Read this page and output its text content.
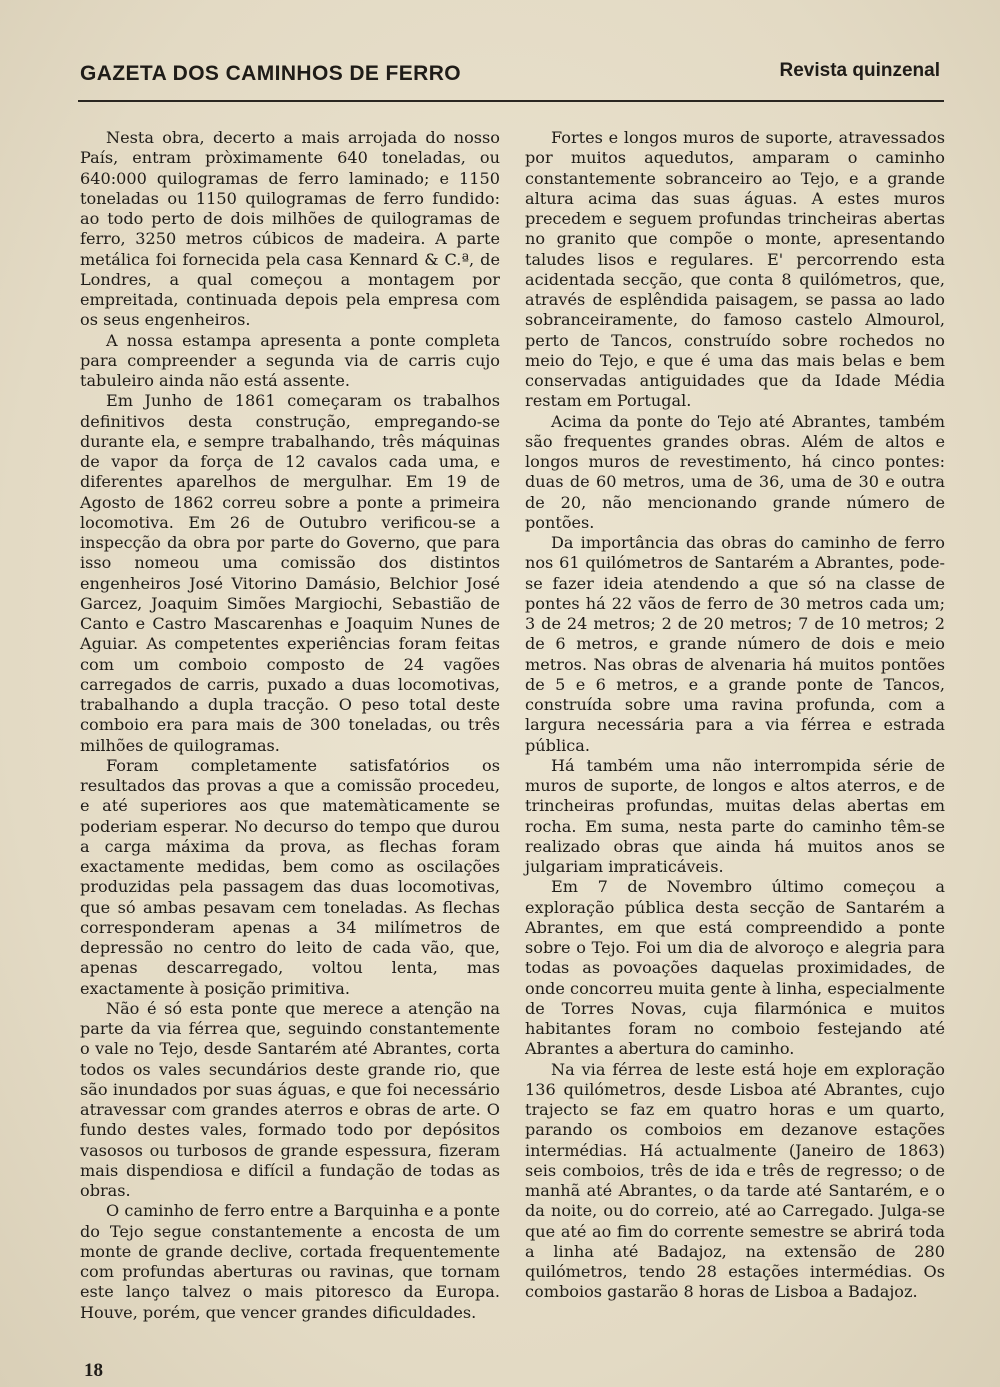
GAZETA DOS CAMINHOS DE FERRO	Revista quinzenal

Nesta obra, decerto a mais arrojada do nosso País, entram pròximamente 640 toneladas, ou 640:000 quilogramas de ferro laminado; e 1150 toneladas ou 1150 quilogramas de ferro fundido: ao todo perto de dois milhões de quilogramas de ferro, 3250 metros cúbicos de madeira. A parte metálica foi fornecida pela casa Kennard & C.ª, de Londres, a qual começou a montagem por empreitada, continuada depois pela empresa com os seus engenheiros.

A nossa estampa apresenta a ponte completa para compreender a segunda via de carris cujo tabuleiro ainda não está assente.

Em Junho de 1861 começaram os trabalhos definitivos desta construção, empregando-se durante ela, e sempre trabalhando, três máquinas de vapor da força de 12 cavalos cada uma, e diferentes aparelhos de mergulhar. Em 19 de Agosto de 1862 correu sobre a ponte a primeira locomotiva. Em 26 de Outubro verificou-se a inspecção da obra por parte do Governo, que para isso nomeou uma comissão dos distintos engenheiros José Vitorino Damásio, Belchior José Garcez, Joaquim Simões Margiochi, Sebastião de Canto e Castro Mascarenhas e Joaquim Nunes de Aguiar. As competentes experiências foram feitas com um comboio composto de 24 vagões carregados de carris, puxado a duas locomotivas, trabalhando a dupla tracção. O peso total deste comboio era para mais de 300 toneladas, ou três milhões de quilogramas.

Foram completamente satisfatórios os resultados das provas a que a comissão procedeu, e até superiores aos que matemàticamente se poderiam esperar. No decurso do tempo que durou a carga máxima da prova, as flechas foram exactamente medidas, bem como as oscilações produzidas pela passagem das duas locomotivas, que só ambas pesavam cem toneladas. As flechas corresponderam apenas a 34 milímetros de depressão no centro do leito de cada vão, que, apenas descarregado, voltou lenta, mas exactamente à posição primitiva.

Não é só esta ponte que merece a atenção na parte da via férrea que, seguindo constantemente o vale no Tejo, desde Santarém até Abrantes, corta todos os vales secundários deste grande rio, que são inundados por suas águas, e que foi necessário atravessar com grandes aterros e obras de arte. O fundo destes vales, formado todo por depósitos vasosos ou turbosos de grande espessura, fizeram mais dispendiosa e difícil a fundação de todas as obras.

O caminho de ferro entre a Barquinha e a ponte do Tejo segue constantemente a encosta de um monte de grande declive, cortada frequentemente com profundas aberturas ou ravinas, que tornam este lanço talvez o mais pitoresco da Europa. Houve, porém, que vencer grandes dificuldades.

Fortes e longos muros de suporte, atravessados por muitos aquedutos, amparam o caminho constantemente sobranceiro ao Tejo, e a grande altura acima das suas águas. A estes muros precedem e seguem profundas trincheiras abertas no granito que compõe o monte, apresentando taludes lisos e regulares. E' percorrendo esta acidentada secção, que conta 8 quilómetros, que, através de esplêndida paisagem, se passa ao lado sobranceiramente, do famoso castelo Almourol, perto de Tancos, construído sobre rochedos no meio do Tejo, e que é uma das mais belas e bem conservadas antiguidades que da Idade Média restam em Portugal.

Acima da ponte do Tejo até Abrantes, também são frequentes grandes obras. Além de altos e longos muros de revestimento, há cinco pontes: duas de 60 metros, uma de 36, uma de 30 e outra de 20, não mencionando grande número de pontões.

Da importância das obras do caminho de ferro nos 61 quilómetros de Santarém a Abrantes, pode-se fazer ideia atendendo a que só na classe de pontes há 22 vãos de ferro de 30 metros cada um; 3 de 24 metros; 2 de 20 metros; 7 de 10 metros; 2 de 6 metros, e grande número de dois e meio metros. Nas obras de alvenaria há muitos pontões de 5 e 6 metros, e a grande ponte de Tancos, construída sobre uma ravina profunda, com a largura necessária para a via férrea e estrada pública.

Há também uma não interrompida série de muros de suporte, de longos e altos aterros, e de trincheiras profundas, muitas delas abertas em rocha. Em suma, nesta parte do caminho têm-se realizado obras que ainda há muitos anos se julgariam impraticáveis.

Em 7 de Novembro último começou a exploração pública desta secção de Santarém a Abrantes, em que está compreendido a ponte sobre o Tejo. Foi um dia de alvoroço e alegria para todas as povoações daquelas proximidades, de onde concorreu muita gente à linha, especialmente de Torres Novas, cuja filarmónica e muitos habitantes foram no comboio festejando até Abrantes a abertura do caminho.

Na via férrea de leste está hoje em exploração 136 quilómetros, desde Lisboa até Abrantes, cujo trajecto se faz em quatro horas e um quarto, parando os comboios em dezanove estações intermédias. Há actualmente (Janeiro de 1863) seis comboios, três de ida e três de regresso; o de manhã até Abrantes, o da tarde até Santarém, e o da noite, ou do correio, até ao Carregado. Julga-se que até ao fim do corrente semestre se abrirá toda a linha até Badajoz, na extensão de 280 quilómetros, tendo 28 estações intermédias. Os comboios gastarão 8 horas de Lisboa a Badajoz.

18
